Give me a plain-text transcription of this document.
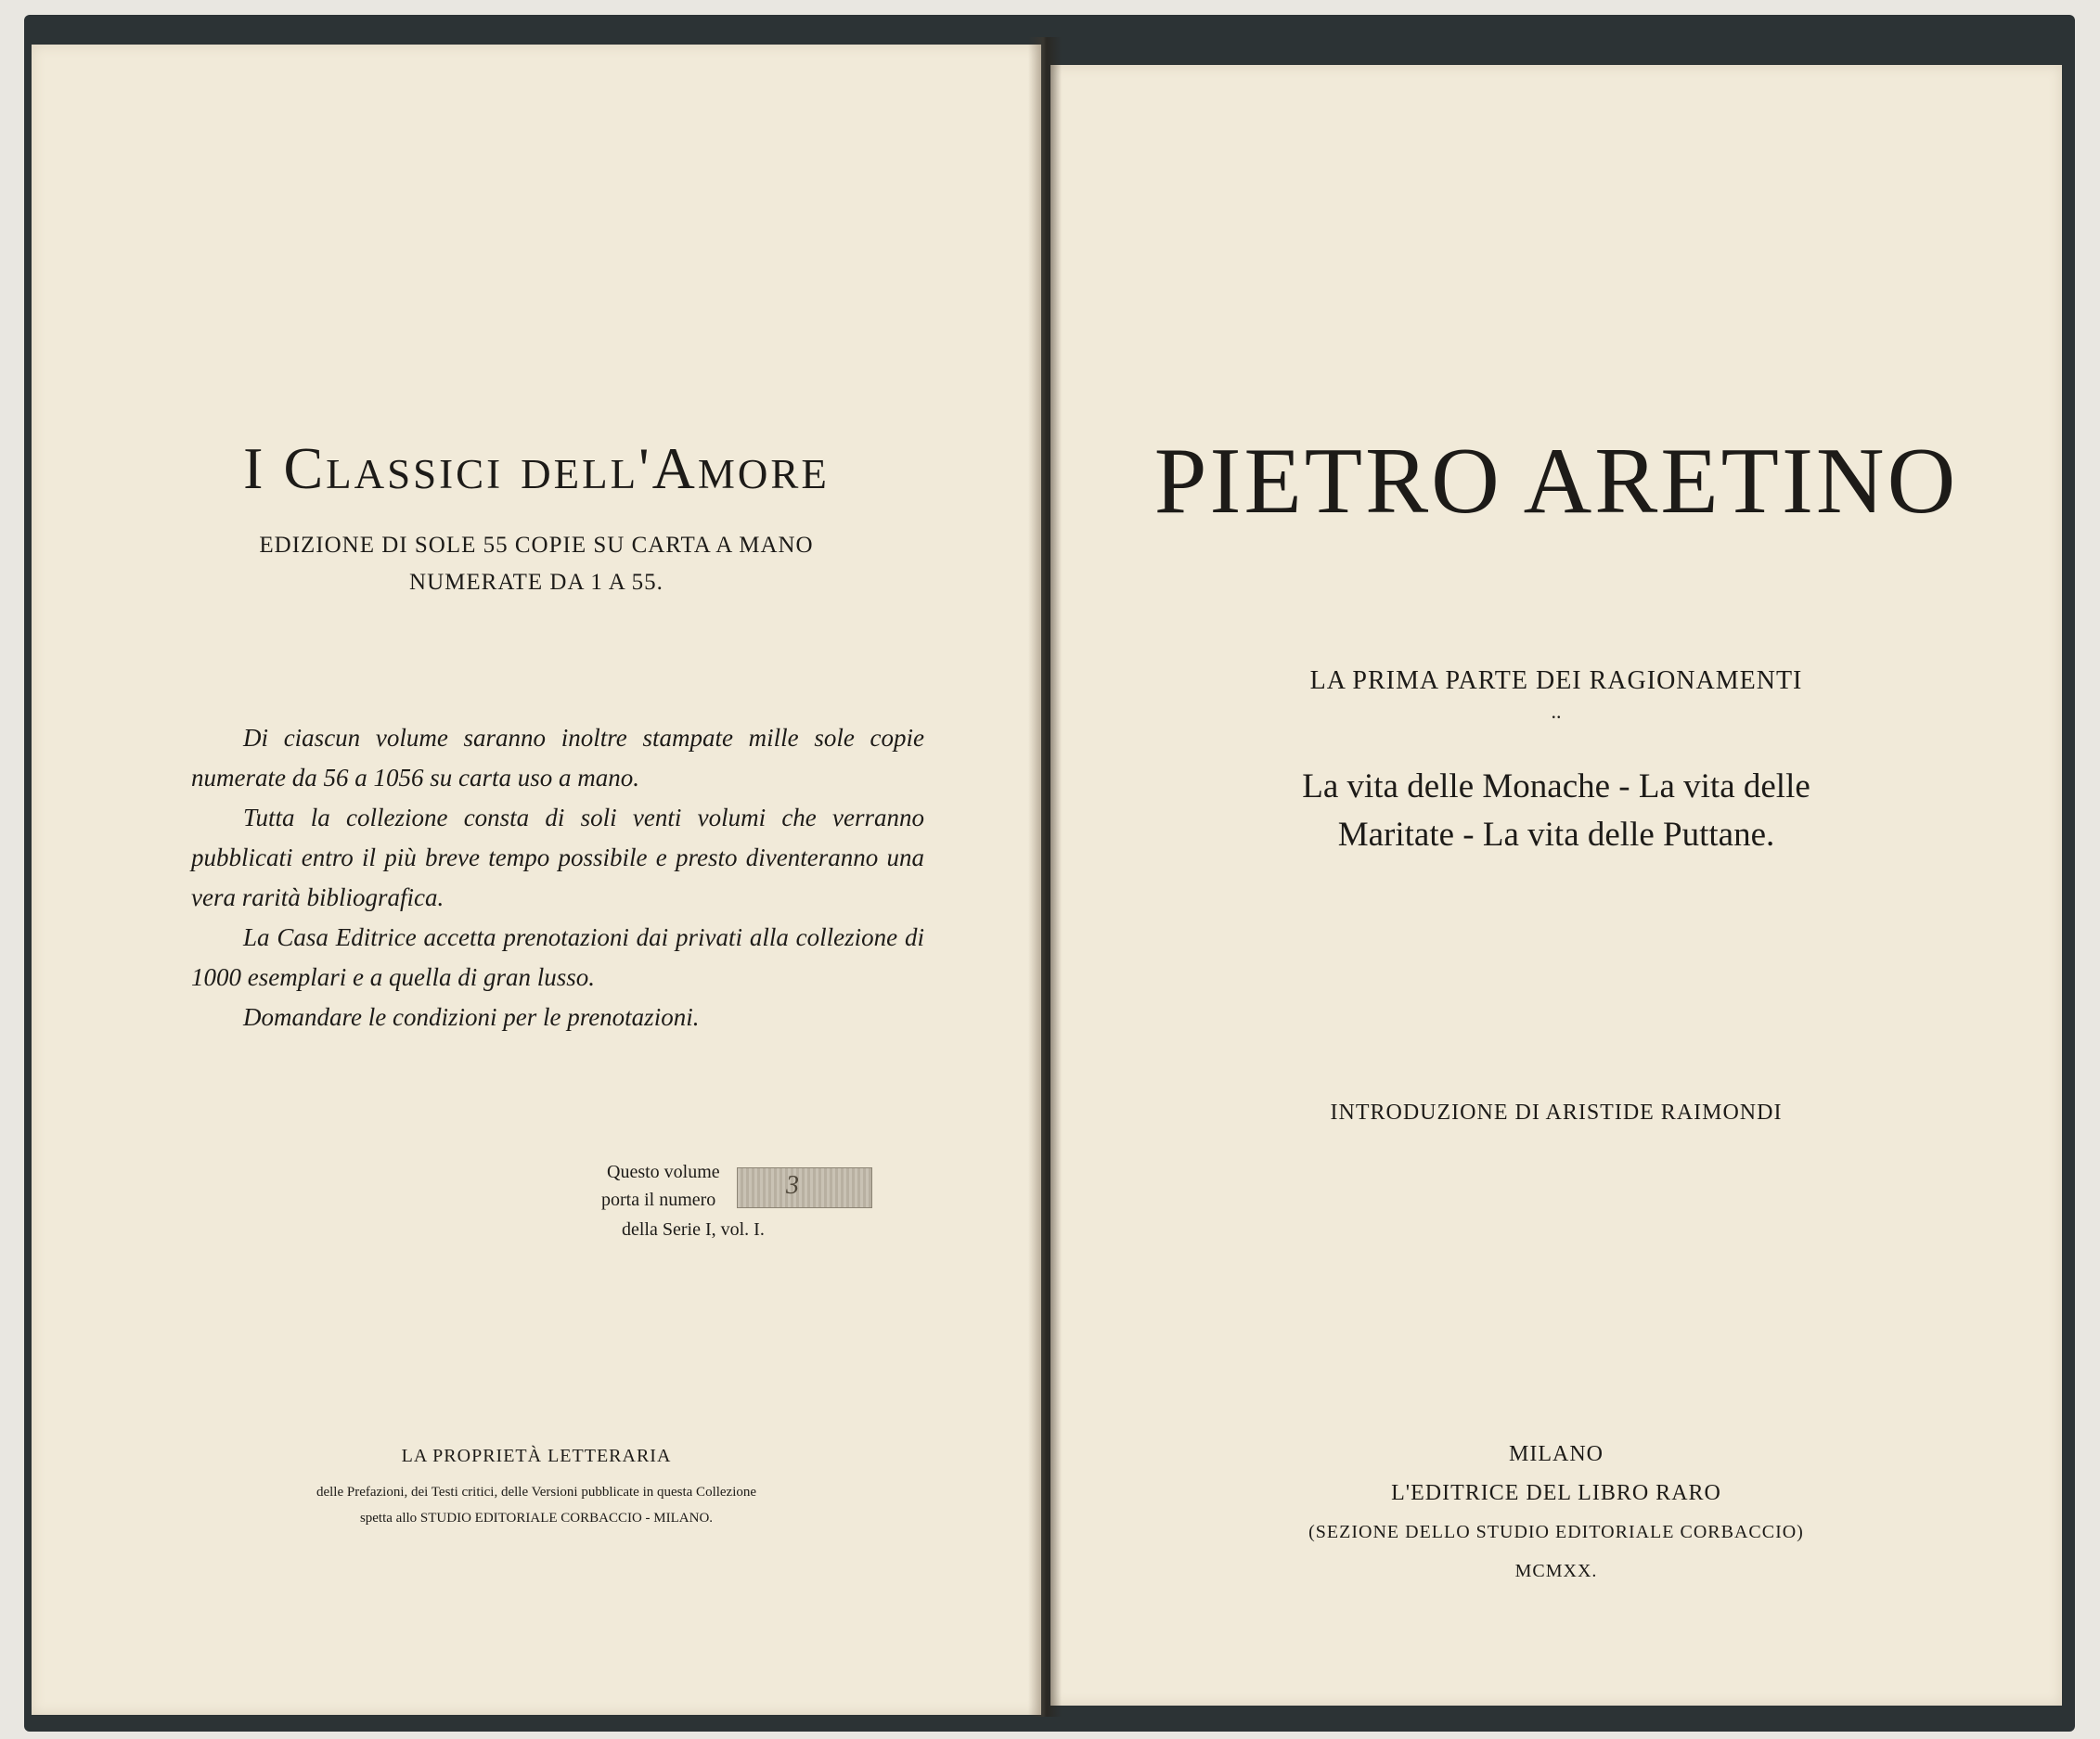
I Classici dell'Amore
EDIZIONE DI SOLE 55 COPIE SU CARTA A MANO
NUMERATE DA 1 A 55.

Di ciascun volume saranno inoltre stampate mille sole copie numerate da 56 a 1056 su carta uso a mano.

Tutta la collezione consta di soli venti volumi che verranno pubblicati entro il più breve tempo possibile e presto diventeranno una vera rarità bibliografica.

La Casa Editrice accetta prenotazioni dai privati alla collezione di 1000 esemplari e a quella di gran lusso.

Domandare le condizioni per le prenotazioni.

Questo volume
porta il numero	3
della Serie I, vol. I.
LA PROPRIETÀ LETTERARIA
delle Prefazioni, dei Testi critici, delle Versioni pubblicate in questa Collezione
spetta allo STUDIO EDITORIALE CORBACCIO - MILANO.
PIETRO ARETINO
LA PRIMA PARTE DEI RAGIONAMENTI
..
La vita delle Monache - La vita delle Maritate - La vita delle Puttane.
INTRODUZIONE DI ARISTIDE RAIMONDI
MILANO
L'EDITRICE DEL LIBRO RARO
(SEZIONE DELLO STUDIO EDITORIALE CORBACCIO)
MCMXX.
